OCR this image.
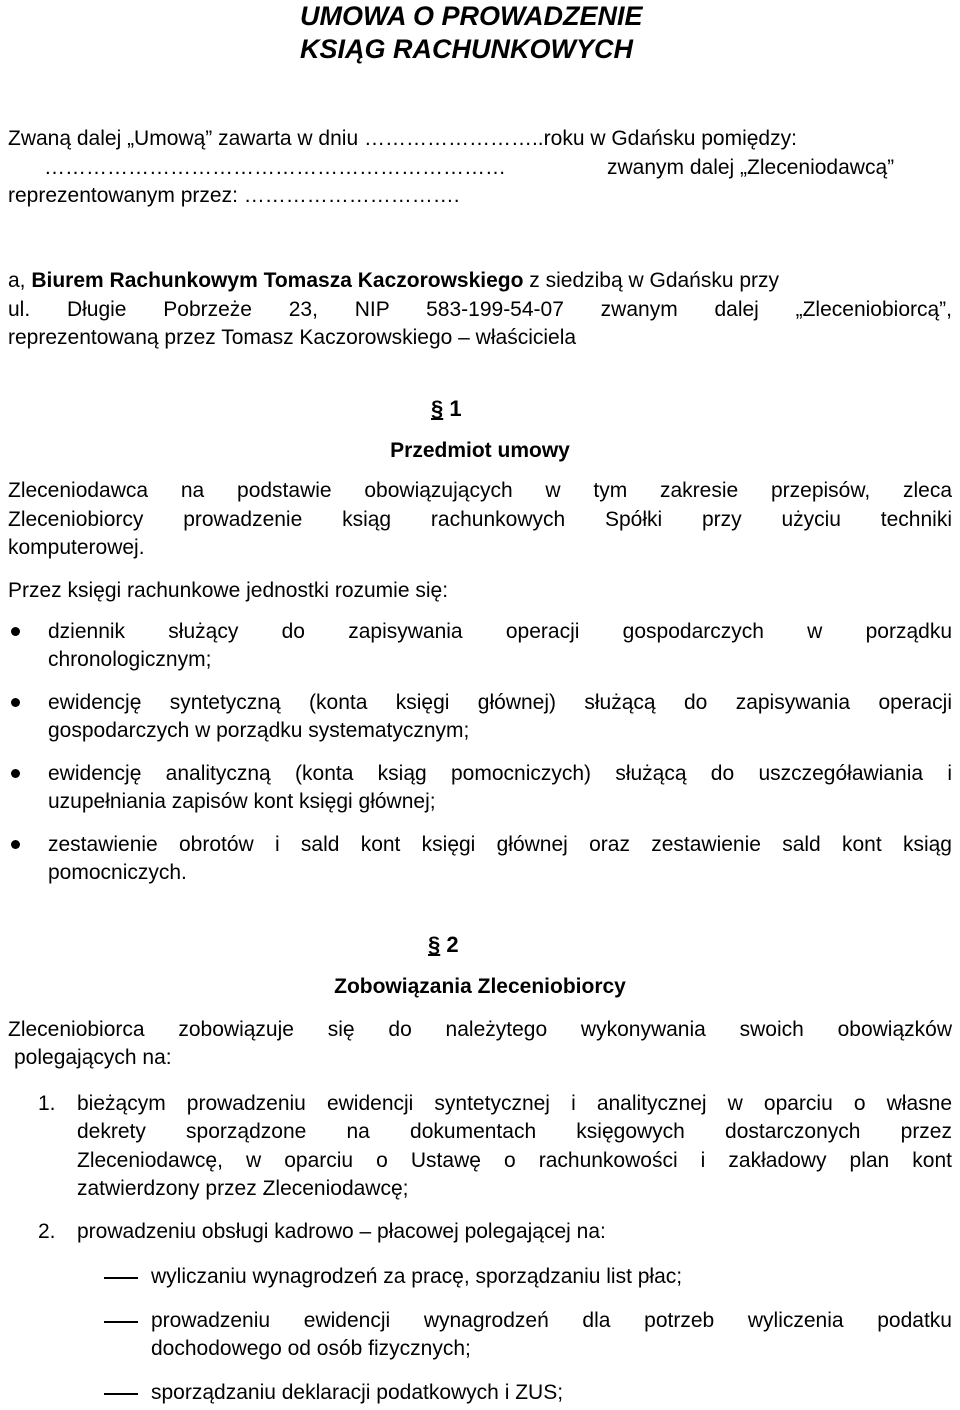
UMOWA O PROWADZENIE
KSIĄG RACHUNKOWYCH
Zwaną dalej „Umową” zawarta w dniu ……………………..roku w Gdańsku pomiędzy:
…………………………………………………………	zwanym dalej „Zleceniodawcą”
reprezentowanym przez: ………………………….
a, Biurem Rachunkowym Tomasza Kaczorowskiego z siedzibą w Gdańsku przy
ul. Długie Pobrzeże 23, NIP 583-199-54-07 zwanym dalej „Zleceniobiorcą”,
reprezentowaną przez Tomasz Kaczorowskiego – właściciela
§ 1
Przedmiot umowy
Zleceniodawca na podstawie obowiązujących w tym zakresie przepisów, zleca
Zleceniobiorcy prowadzenie ksiąg rachunkowych Spółki przy użyciu techniki
komputerowej.
Przez księgi rachunkowe jednostki rozumie się:
dziennik służący do zapisywania operacji gospodarczych w porządku
chronologicznym;
ewidencję syntetyczną (konta księgi głównej) służącą do zapisywania operacji
gospodarczych w porządku systematycznym;
ewidencję analityczną (konta ksiąg pomocniczych) służącą do uszczegóławiania i
uzupełniania zapisów kont księgi głównej;
zestawienie obrotów i sald kont księgi głównej oraz zestawienie sald kont ksiąg
pomocniczych.
§ 2
Zobowiązania Zleceniobiorcy
Zleceniobiorca zobowiązuje się do należytego wykonywania swoich obowiązków
polegających na:
1. bieżącym prowadzeniu ewidencji syntetycznej i analitycznej w oparciu o własne
dekrety sporządzone na dokumentach księgowych dostarczonych przez
Zleceniodawcę, w oparciu o Ustawę o rachunkowości i zakładowy plan kont
zatwierdzony przez Zleceniodawcę;
2. prowadzeniu obsługi kadrowo – płacowej polegającej na:
wyliczaniu wynagrodzeń za pracę, sporządzaniu list płac;
prowadzeniu ewidencji wynagrodzeń dla potrzeb wyliczenia podatku
dochodowego od osób fizycznych;
sporządzaniu deklaracji podatkowych i ZUS;
